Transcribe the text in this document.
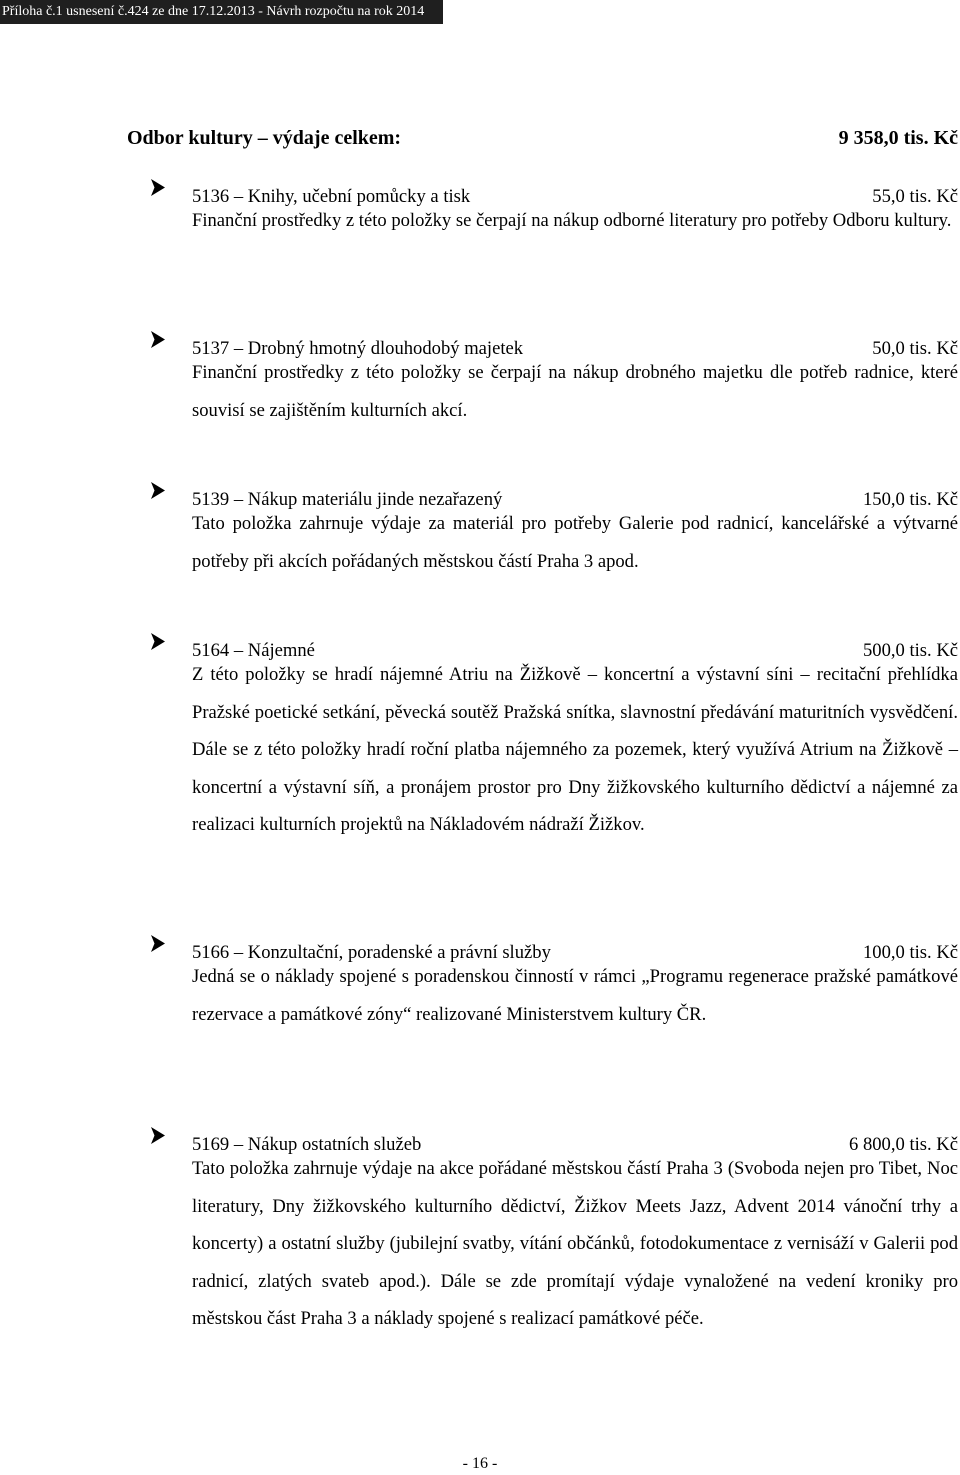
Příloha č.1 usnesení č.424 ze dne 17.12.2013 - Návrh rozpočtu na rok 2014
Odbor kultury – výdaje celkem:	9 358,0 tis. Kč
5136 – Knihy, učební pomůcky a tisk	55,0 tis. Kč

Finanční prostředky z této položky se čerpají na nákup odborné literatury pro potřeby Odboru kultury.

5137 – Drobný hmotný dlouhodobý majetek	50,0 tis. Kč

Finanční prostředky z této položky se čerpají na nákup drobného majetku dle potřeb radnice, které souvisí se zajištěním kulturních akcí.

5139 – Nákup materiálu jinde nezařazený	150,0 tis. Kč

Tato položka zahrnuje výdaje za materiál pro potřeby Galerie pod radnicí, kancelářské a výtvarné potřeby při akcích pořádaných městskou částí Praha 3 apod.

5164 – Nájemné	500,0 tis. Kč

Z této položky se hradí nájemné Atriu na Žižkově – koncertní a výstavní síni – recitační přehlídka Pražské poetické setkání, pěvecká soutěž Pražská snítka, slavnostní předávání maturitních vysvědčení. Dále se z této položky hradí roční platba nájemného za pozemek, který využívá Atrium na Žižkově – koncertní a výstavní síň, a pronájem prostor pro Dny žižkovského kulturního dědictví a nájemné za realizaci kulturních projektů na Nákladovém nádraží Žižkov.

5166 – Konzultační, poradenské a právní služby	100,0 tis. Kč

Jedná se o náklady spojené s poradenskou činností v rámci „Programu regenerace pražské památkové rezervace a památkové zóny“ realizované Ministerstvem kultury ČR.

5169 – Nákup ostatních služeb	6 800,0 tis. Kč

Tato položka zahrnuje výdaje na akce pořádané městskou částí Praha 3 (Svoboda nejen pro Tibet, Noc literatury, Dny žižkovského kulturního dědictví, Žižkov Meets Jazz, Advent 2014 vánoční trhy a koncerty) a ostatní služby (jubilejní svatby, vítání občánků, fotodokumentace z vernisáží v Galerii pod radnicí, zlatých svateb apod.). Dále se zde promítají výdaje vynaložené na vedení kroniky pro městskou část Praha 3 a náklady spojené s realizací památkové péče.

- 16 -
